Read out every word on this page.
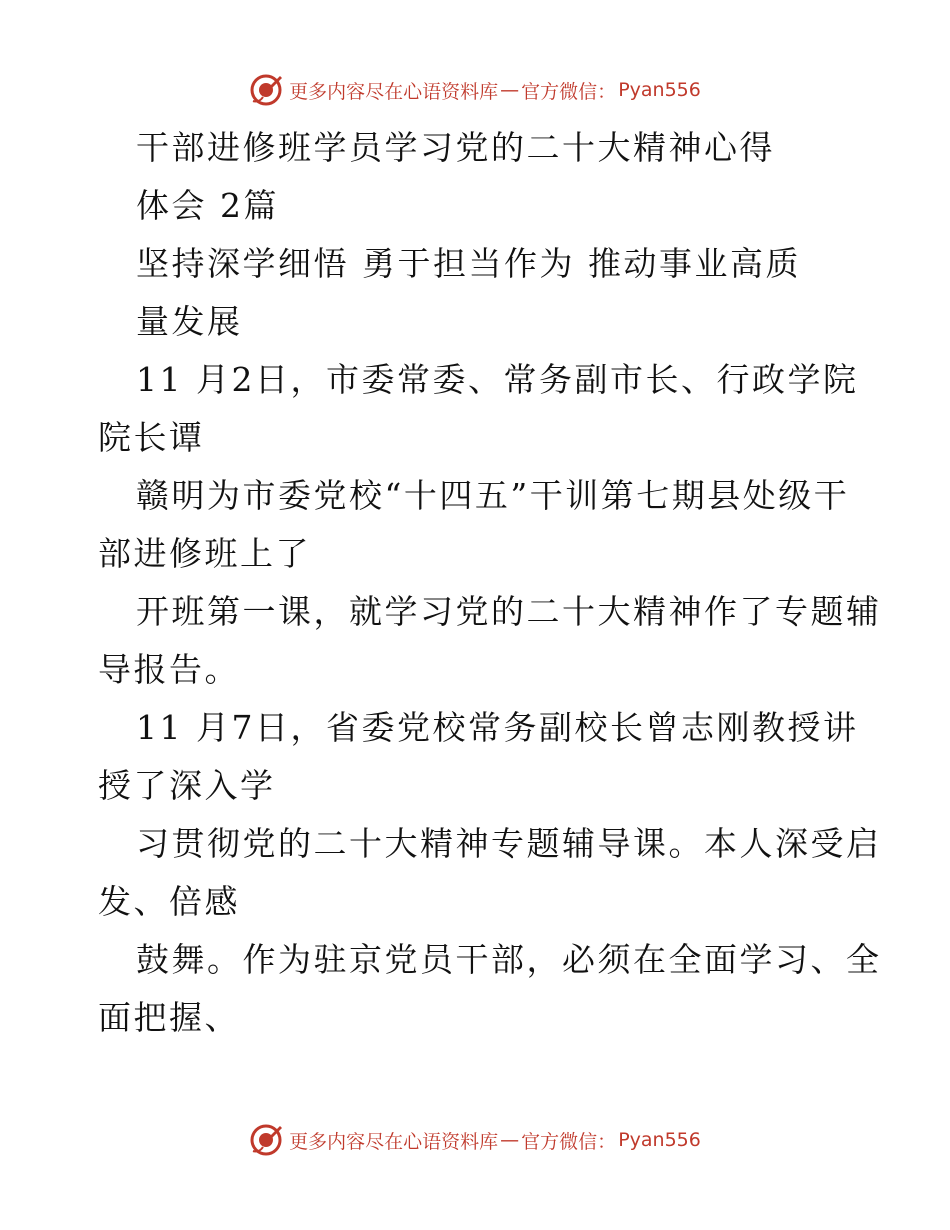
更多内容尽在心语资料库 — 官方微信： Pyan556
干部进修班学员学习党的二十大精神心得
体会 2篇
坚持深学细悟 勇于担当作为 推动事业高质
量发展
11 月2日，市委常委、常务副市长、行政学院
院长谭
赣明为市委党校“十四五”干训第七期县处级干
部进修班上了
开班第一课，就学习党的二十大精神作了专题辅
导报告。
11 月7日，省委党校常务副校长曾志刚教授讲
授了深入学
习贯彻党的二十大精神专题辅导课。本人深受启
发、倍感
鼓舞。作为驻京党员干部，必须在全面学习、全
面把握、
更多内容尽在心语资料库 — 官方微信： Pyan556
